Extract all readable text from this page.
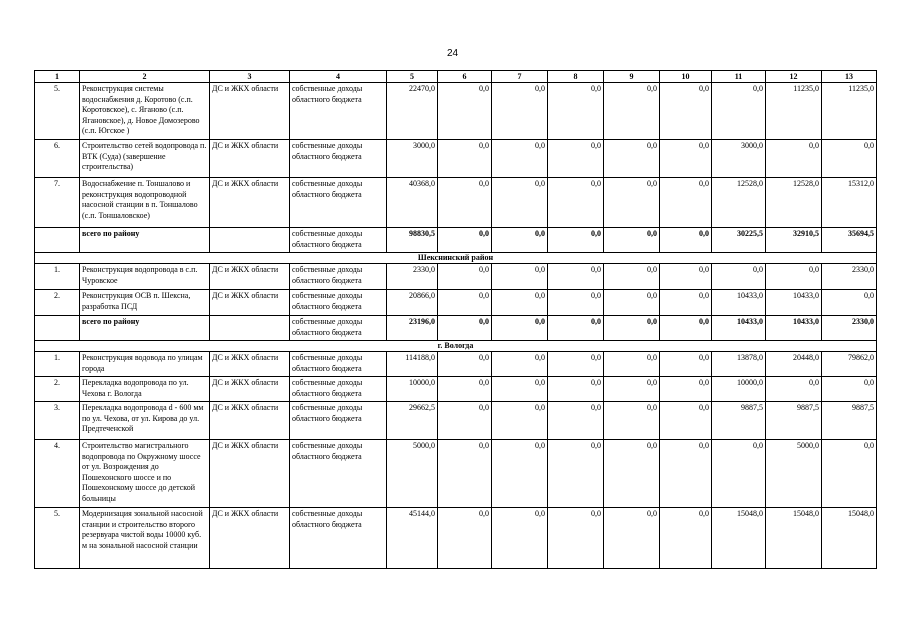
24
1	2	3	4	5	6	7	8	9	10	11	12	13
5.	Реконструкция системы водоснабжения д. Коротово (с.п. Коротовское), с. Яганово (с.п. Ягановское), д. Новое Домозерово (с.п. Югское )	ДС и ЖКХ области	собственные доходы областного бюджета	22470,0	0,0	0,0	0,0	0,0	0,0	0,0	11235,0	11235,0
6.	Строительство сетей водопровода п. ВТК (Суда) (завершение строительства)	ДС и ЖКХ области	собственные доходы областного бюджета	3000,0	0,0	0,0	0,0	0,0	0,0	3000,0	0,0	0,0
7.	Водоснабжение п. Тоншалово и реконструкция водопроводной насосной станции в п. Тоншалово (с.п. Тоншаловское)	ДС и ЖКХ области	собственные доходы областного бюджета	40368,0	0,0	0,0	0,0	0,0	0,0	12528,0	12528,0	15312,0
	всего по району		собственные доходы областного бюджета	98830,5	0,0	0,0	0,0	0,0	0,0	30225,5	32910,5	35694,5
Шекснинский район												
1.	Реконструкция водопровода в с.п. Чуровское	ДС и ЖКХ области	собственные доходы областного бюджета	2330,0	0,0	0,0	0,0	0,0	0,0	0,0	0,0	2330,0
2.	Реконструкция ОСВ п. Шексна, разработка ПСД	ДС и ЖКХ области	собственные доходы областного бюджета	20866,0	0,0	0,0	0,0	0,0	0,0	10433,0	10433,0	0,0
	всего по району		собственные доходы областного бюджета	23196,0	0,0	0,0	0,0	0,0	0,0	10433,0	10433,0	2330,0
г. Вологда												
1.	Реконструкция водовода по улицам города	ДС и ЖКХ области	собственные доходы областного бюджета	114188,0	0,0	0,0	0,0	0,0	0,0	13878,0	20448,0	79862,0
2.	Перекладка водопровода по ул. Чехова г. Вологда	ДС и ЖКХ области	собственные доходы областного бюджета	10000,0	0,0	0,0	0,0	0,0	0,0	10000,0	0,0	0,0
3.	Перекладка водопровода d - 600 мм по ул. Чехова, от ул. Кирова до ул. Предтеченской	ДС и ЖКХ области	собственные доходы областного бюджета	29662,5	0,0	0,0	0,0	0,0	0,0	9887,5	9887,5	9887,5
4.	Строительство магистрального водопровода по Окружному шоссе от ул. Возрождения до Пошехонского шоссе и по Пошехонскому шоссе до детской больницы	ДС и ЖКХ области	собственные доходы областного бюджета	5000,0	0,0	0,0	0,0	0,0	0,0	0,0	5000,0	0,0
5.	Модернизация зональной насосной станции и строительство второго резервуара чистой воды 10000 куб. м на зональной насосной станции	ДС и ЖКХ области	собственные доходы областного бюджета	45144,0	0,0	0,0	0,0	0,0	0,0	15048,0	15048,0	15048,0
